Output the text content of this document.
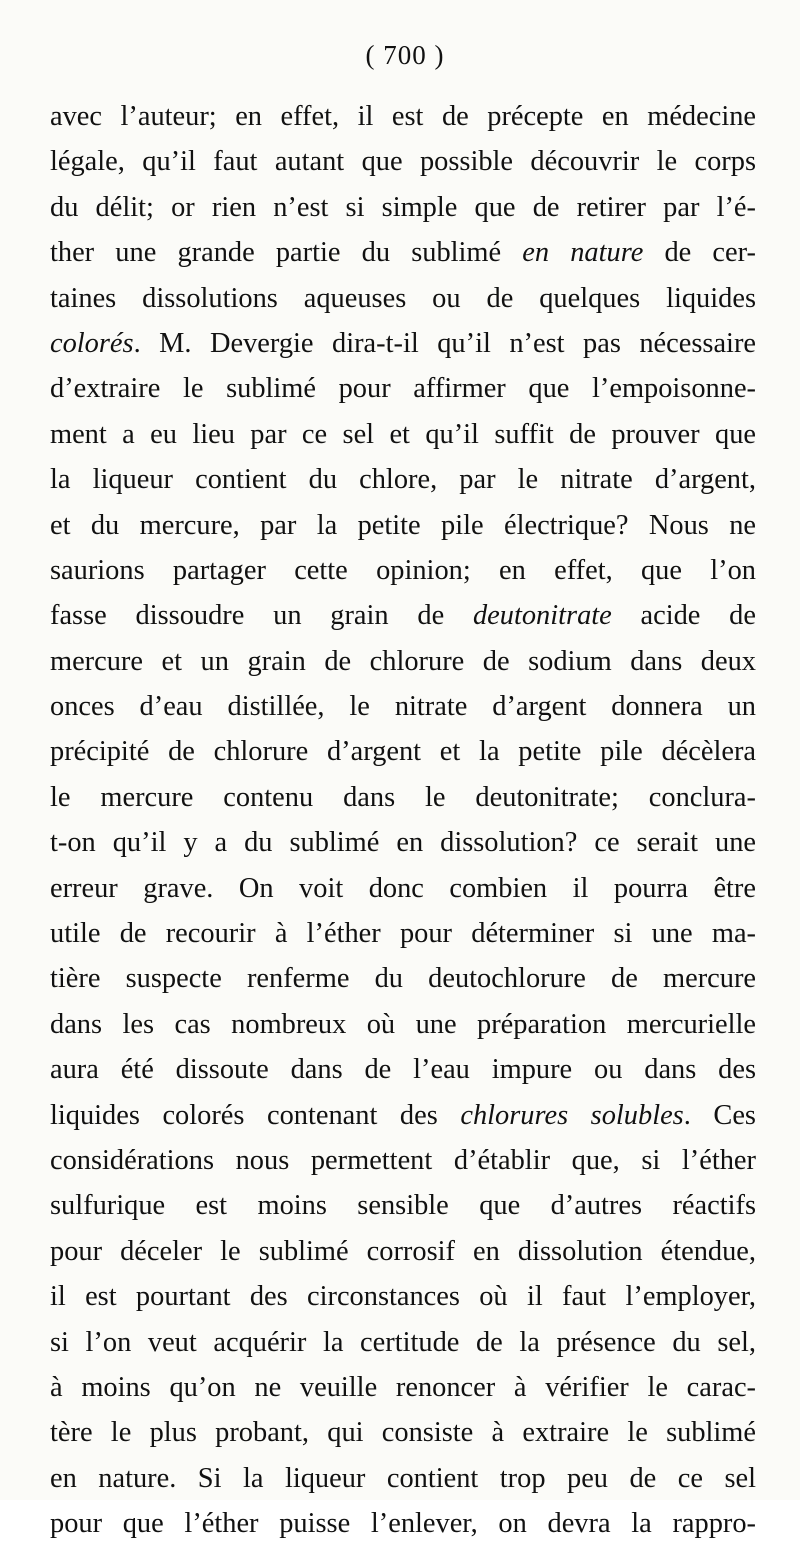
( 700 )
avec l’auteur; en effet, il est de précepte en médecine
légale, qu’il faut autant que possible découvrir le corps
du délit; or rien n’est si simple que de retirer par l’é-
ther une grande partie du sublimé en nature de cer-
taines dissolutions aqueuses ou de quelques liquides
colorés. M. Devergie dira-t-il qu’il n’est pas nécessaire
d’extraire le sublimé pour affirmer que l’empoisonne-
ment a eu lieu par ce sel et qu’il suffit de prouver que
la liqueur contient du chlore, par le nitrate d’argent,
et du mercure, par la petite pile électrique? Nous ne
saurions partager cette opinion; en effet, que l’on
fasse dissoudre un grain de deutonitrate acide de
mercure et un grain de chlorure de sodium dans deux
onces d’eau distillée, le nitrate d’argent donnera un
précipité de chlorure d’argent et la petite pile décèlera
le mercure contenu dans le deutonitrate; conclura-
t-on qu’il y a du sublimé en dissolution? ce serait une
erreur grave. On voit donc combien il pourra être
utile de recourir à l’éther pour déterminer si une ma-
tière suspecte renferme du deutochlorure de mercure
dans les cas nombreux où une préparation mercurielle
aura été dissoute dans de l’eau impure ou dans des
liquides colorés contenant des chlorures solubles. Ces
considérations nous permettent d’établir que, si l’éther
sulfurique est moins sensible que d’autres réactifs
pour déceler le sublimé corrosif en dissolution étendue,
il est pourtant des circonstances où il faut l’employer,
si l’on veut acquérir la certitude de la présence du sel,
à moins qu’on ne veuille renoncer à vérifier le carac-
tère le plus probant, qui consiste à extraire le sublimé
en nature. Si la liqueur contient trop peu de ce sel
pour que l’éther puisse l’enlever, on devra la rappro-
